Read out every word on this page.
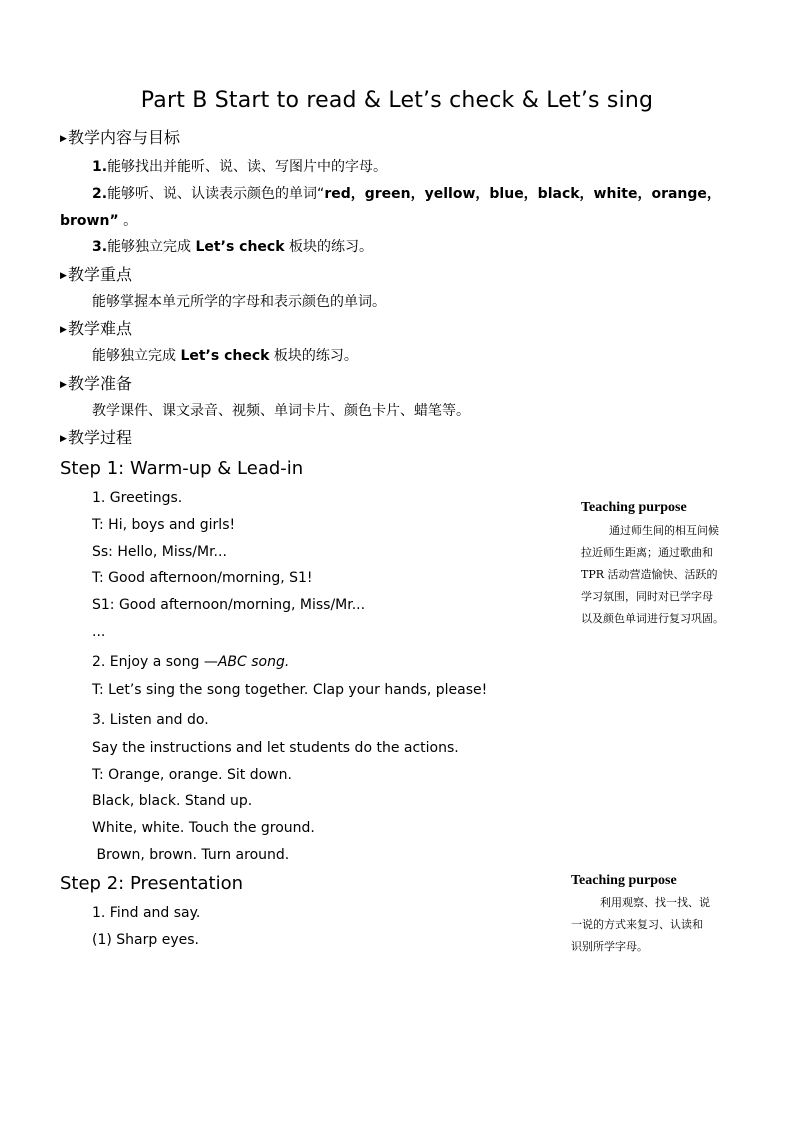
Part B Start to read & Let’s check & Let’s sing
▶教学内容与目标
1.能够找出并能听、说、读、写图片中的字母。
2.能够听、说、认读表示颜色的单词“red，green，yellow，blue，black，white，orange，
brown” 。
3.能够独立完成 Let’s check 板块的练习。
▶教学重点
能够掌握本单元所学的字母和表示颜色的单词。
▶教学难点
能够独立完成 Let’s check 板块的练习。
▶教学准备
教学课件、课文录音、视频、单词卡片、颜色卡片、蜡笔等。
▶教学过程
Step 1: Warm-up & Lead-in
1. Greetings.
T: Hi, boys and girls!
Ss: Hello, Miss/Mr...
T: Good afternoon/morning, S1!
S1: Good afternoon/morning, Miss/Mr...
...
2. Enjoy a song —ABC song.
T: Let’s sing the song together. Clap your hands, please!
3. Listen and do.
Say the instructions and let students do the actions.
T: Orange, orange. Sit down.
Black, black. Stand up.
White, white. Touch the ground.
Brown, brown. Turn around.
Step 2: Presentation
1. Find and say.
(1) Sharp eyes.
Teaching purpose
通过师生间的相互问候
拉近师生距离；通过歌曲和
TPR 活动营造愉快、活跃的
学习氛围，同时对已学字母
以及颜色单词进行复习巩固。
Teaching purpose
利用观察、找一找、说
一说的方式来复习、认读和
识别所学字母。
